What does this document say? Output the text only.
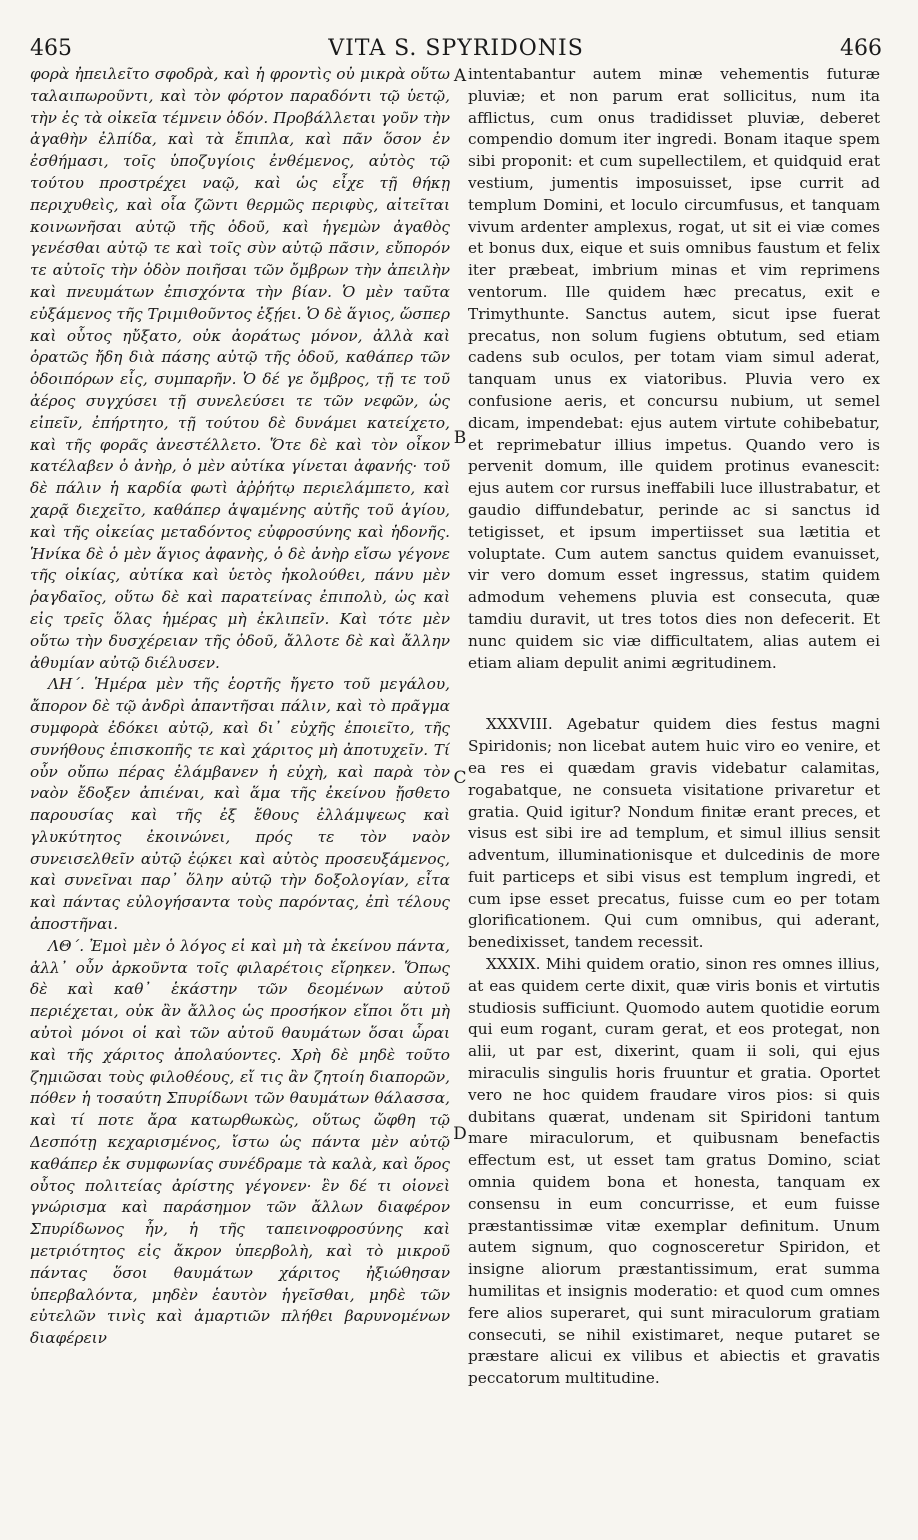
465	VITA S. SPYRIDONIS	466

φορὰ ἠπειλεῖτο σφοδρὰ, καὶ ἡ φροντὶς οὐ μικρὰ οὕτω ταλαιπωροῦντι, καὶ τὸν φόρτον παραδόντι τῷ ὑετῷ, τὴν ἐς τὰ οἰκεῖα τέμνειν ὁδόν. Προβάλλεται γοῦν τὴν ἀγαθὴν ἐλπίδα, καὶ τὰ ἔπιπλα, καὶ πᾶν ὅσον ἐν ἐσθήμασι, τοῖς ὑποζυγίοις ἐνθέμενος, αὐτὸς τῷ τούτου προστρέχει ναῷ, καὶ ὡς εἶχε τῇ θήκῃ περιχυθεὶς, καὶ οἷα ζῶντι θερμῶς περιφὺς, αἰτεῖται κοινωνῆσαι αὐτῷ τῆς ὁδοῦ, καὶ ἡγεμὼν ἀγαθὸς γενέσθαι αὐτῷ τε καὶ τοῖς σὺν αὐτῷ πᾶσιν, εὔπορόν τε αὐτοῖς τὴν ὁδὸν ποιῆσαι τῶν ὄμβρων τὴν ἀπειλὴν καὶ πνευμάτων ἐπισχόντα τὴν βίαν. Ὁ μὲν ταῦτα εὐξάμενος τῆς Τριμιθοῦντος ἐξῄει. Ὁ δὲ ἅγιος, ὥσπερ καὶ οὗτος ηὔξατο, οὐκ ἀοράτως μόνον, ἀλλὰ καὶ ὁρατῶς ἤδη διὰ πάσης αὐτῷ τῆς ὁδοῦ, καθάπερ τῶν ὁδοιπόρων εἷς, συμπαρῆν. Ὁ δέ γε ὄμβρος, τῇ τε τοῦ ἀέρος συγχύσει τῇ συνελεύσει τε τῶν νεφῶν, ὡς εἰπεῖν, ἐπήρτητο, τῇ τούτου δὲ δυνάμει κατείχετο, καὶ τῆς φορᾶς ἀνεστέλλετο. Ὅτε δὲ καὶ τὸν οἶκον κατέλαβεν ὁ ἀνὴρ, ὁ μὲν αὐτίκα γίνεται ἀφανής· τοῦ δὲ πάλιν ἡ καρδία φωτὶ ἀῤῥήτῳ περιελάμπετο, καὶ χαρᾷ διεχεῖτο, καθάπερ ἁψαμένης αὐτῆς τοῦ ἁγίου, καὶ τῆς οἰκείας μεταδόντος εὐφροσύνης καὶ ἡδονῆς. Ἡνίκα δὲ ὁ μὲν ἅγιος ἀφανὴς, ὁ δὲ ἀνὴρ εἴσω γέγονε τῆς οἰκίας, αὐτίκα καὶ ὑετὸς ἠκολούθει, πάνυ μὲν ῥαγδαῖος, οὕτω δὲ καὶ παρατείνας ἐπιπολὺ, ὡς καὶ εἰς τρεῖς ὅλας ἡμέρας μὴ ἐκλιπεῖν. Καὶ τότε μὲν οὕτω τὴν δυσχέρειαν τῆς ὁδοῦ, ἄλλοτε δὲ καὶ ἄλλην ἀθυμίαν αὐτῷ διέλυσεν.

ΛΗ΄. Ἡμέρα μὲν τῆς ἑορτῆς ἤγετο τοῦ μεγάλου, ἄπορον δὲ τῷ ἀνδρὶ ἀπαντῆσαι πάλιν, καὶ τὸ πρᾶγμα συμφορὰ ἐδόκει αὐτῷ, καὶ δι᾽ εὐχῆς ἐποιεῖτο, τῆς συνήθους ἐπισκοπῆς τε καὶ χάριτος μὴ ἀποτυχεῖν. Τί οὖν οὔπω πέρας ἐλάμβανεν ἡ εὐχὴ, καὶ παρὰ τὸν ναὸν ἔδοξεν ἀπιέναι, καὶ ἅμα τῆς ἐκείνου ᾔσθετο παρουσίας καὶ τῆς ἐξ ἔθους ἐλλάμψεως καὶ γλυκύτητος ἐκοινώνει, πρός τε τὸν ναὸν συνεισελθεῖν αὐτῷ ἐῴκει καὶ αὐτὸς προσευξάμενος, καὶ συνεῖναι παρ᾽ ὅλην αὐτῷ τὴν δοξολογίαν, εἶτα καὶ πάντας εὐλογήσαντα τοὺς παρόντας, ἐπὶ τέλους ἀποστῆναι.

ΛΘ΄. Ἐμοὶ μὲν ὁ λόγος εἰ καὶ μὴ τὰ ἐκείνου πάντα, ἀλλ᾽ οὖν ἀρκοῦντα τοῖς φιλαρέτοις εἴρηκεν. Ὅπως δὲ καὶ καθ᾽ ἑκάστην τῶν δεομένων αὐτοῦ περιέχεται, οὐκ ἂν ἄλλος ὡς προσήκον εἴποι ὅτι μὴ αὐτοὶ μόνοι οἱ καὶ τῶν αὐτοῦ θαυμάτων ὅσαι ὧραι καὶ τῆς χάριτος ἀπολαύοντες. Χρὴ δὲ μηδὲ τοῦτο ζημιῶσαι τοὺς φιλοθέους, εἴ τις ἂν ζητοίη διαπορῶν, πόθεν ἡ τοσαύτη Σπυρίδωνι τῶν θαυμάτων θάλασσα, καὶ τί ποτε ἄρα κατωρθωκὼς, οὕτως ὤφθη τῷ Δεσπότῃ κεχαρισμένος, ἴστω ὡς πάντα μὲν αὐτῷ καθάπερ ἐκ συμφωνίας συνέδραμε τὰ καλὰ, καὶ ὅρος οὗτος πολιτείας ἀρίστης γέγονεν· ἓν δέ τι οἱονεὶ γνώρισμα καὶ παράσημον τῶν ἄλλων διαφέρον Σπυρίδωνος ἦν, ἡ τῆς ταπεινοφροσύνης καὶ μετριότητος εἰς ἄκρον ὑπερβολὴ, καὶ τὸ μικροῦ πάντας ὅσοι θαυμάτων χάριτος ἠξιώθησαν ὑπερβαλόντα, μηδὲν ἑαυτὸν ἡγεῖσθαι, μηδὲ τῶν εὐτελῶν τινὶς καὶ ἁμαρτιῶν πλήθει βαρυνομένων διαφέρειν

A
B
C
D

intentabantur autem minæ vehementis futuræ pluviæ; et non parum erat sollicitus, num ita afflictus, cum onus tradidisset pluviæ, deberet compendio domum iter ingredi. Bonam itaque spem sibi proponit: et cum supellectilem, et quidquid erat vestium, jumentis imposuisset, ipse currit ad templum Domini, et loculo circumfusus, et tanquam vivum ardenter amplexus, rogat, ut sit ei viæ comes et bonus dux, eique et suis omnibus faustum et felix iter præbeat, imbrium minas et vim reprimens ventorum. Ille quidem hæc precatus, exit e Trimythunte. Sanctus autem, sicut ipse fuerat precatus, non solum fugiens obtutum, sed etiam cadens sub oculos, per totam viam simul aderat, tanquam unus ex viatoribus. Pluvia vero ex confusione aeris, et concursu nubium, ut semel dicam, impendebat: ejus autem virtute cohibebatur, et reprimebatur illius impetus. Quando vero is pervenit domum, ille quidem protinus evanescit: ejus autem cor rursus ineffabili luce illustrabatur, et gaudio diffundebatur, perinde ac si sanctus id tetigisset, et ipsum impertiisset sua lætitia et voluptate. Cum autem sanctus quidem evanuisset, vir vero domum esset ingressus, statim quidem admodum vehemens pluvia est consecuta, quæ tamdiu duravit, ut tres totos dies non defecerit. Et nunc quidem sic viæ difficultatem, alias autem ei etiam aliam depulit animi ægritudinem.

XXXVIII. Agebatur quidem dies festus magni Spiridonis; non licebat autem huic viro eo venire, et ea res ei quædam gravis videbatur calamitas, rogabatque, ne consueta visitatione privaretur et gratia. Quid igitur? Nondum finitæ erant preces, et visus est sibi ire ad templum, et simul illius sensit adventum, illuminationisque et dulcedinis de more fuit particeps et sibi visus est templum ingredi, et cum ipse esset precatus, fuisse cum eo per totam glorificationem. Qui cum omnibus, qui aderant, benedixisset, tandem recessit.

XXXIX. Mihi quidem oratio, sinon res omnes illius, at eas quidem certe dixit, quæ viris bonis et virtutis studiosis sufficiunt. Quomodo autem quotidie eorum qui eum rogant, curam gerat, et eos protegat, non alii, ut par est, dixerint, quam ii soli, qui ejus miraculis singulis horis fruuntur et gratia. Oportet vero ne hoc quidem fraudare viros pios: si quis dubitans quærat, undenam sit Spiridoni tantum mare miraculorum, et quibusnam benefactis effectum est, ut esset tam gratus Domino, sciat omnia quidem bona et honesta, tanquam ex consensu in eum concurrisse, et eum fuisse præstantissimæ vitæ exemplar definitum. Unum autem signum, quo cognosceretur Spiridon, et insigne aliorum præstantissimum, erat summa humilitas et insignis moderatio: et quod cum omnes fere alios superaret, qui sunt miraculorum gratiam consecuti, se nihil existimaret, neque putaret se præstare alicui ex vilibus et abiectis et gravatis peccatorum multitudine.
